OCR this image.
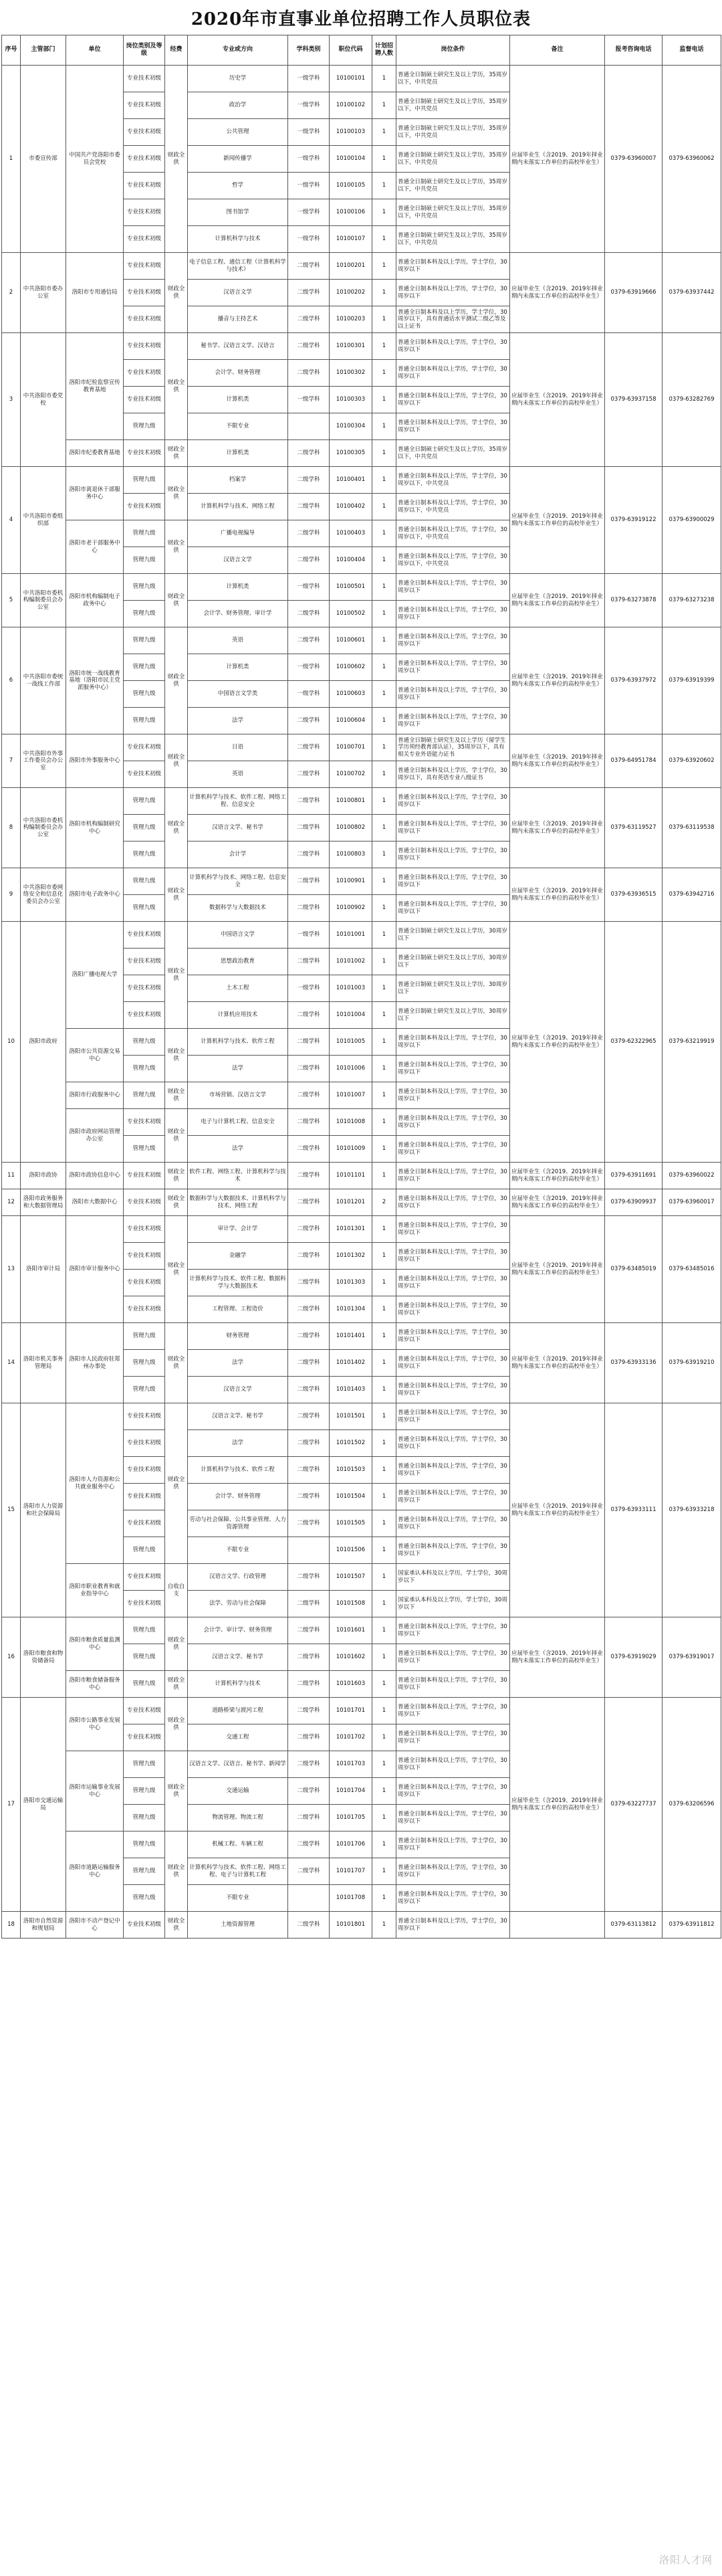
2020年市直事业单位招聘工作人员职位表
序号	主管部门	单位	岗位类别及等级	经费	专业或方向	学科类别	职位代码	计划招聘人数	岗位条件	备注	报考咨询电话	监督电话
1	市委宣传部	中国共产党洛阳市委员会党校	专业技术初级	财政全供	历史学	一级学科	10100101	1	普通全日制硕士研究生及以上学历，35周岁以下，中共党员	应届毕业生（含2019、2019年择业期内未落实工作单位的高校毕业生）	0379-63960007	0379-63960062
			专业技术初级		政治学	一级学科	10100102	1	普通全日制硕士研究生及以上学历，35周岁以下，中共党员			
			专业技术初级		公共管理	一级学科	10100103	1	普通全日制硕士研究生及以上学历，35周岁以下，中共党员			
			专业技术初级		新闻传播学	一级学科	10100104	1	普通全日制硕士研究生及以上学历，35周岁以下，中共党员			
			专业技术初级		哲学	一级学科	10100105	1	普通全日制硕士研究生及以上学历，35周岁以下，中共党员			
			专业技术初级		图书馆学	一级学科	10100106	1	普通全日制硕士研究生及以上学历，35周岁以下，中共党员			
			专业技术初级		计算机科学与技术	一级学科	10100107	1	普通全日制硕士研究生及以上学历，35周岁以下，中共党员			
2	中共洛阳市委办公室	洛阳市专用通信局	专业技术初级	财政全供	电子信息工程、通信工程（计算机科学与技术）	二级学科	10100201	1	普通全日制本科及以上学历，学士学位，30周岁以下	应届毕业生（含2019、2019年择业期内未落实工作单位的高校毕业生）	0379-63919666	0379-63937442
			专业技术初级		汉语言文学	二级学科	10100202	1	普通全日制本科及以上学历，学士学位，30周岁以下			
			专业技术初级		播音与主持艺术	二级学科	10100203	1	普通全日制本科及以上学历，学士学位，30周岁以下，具有普通话水平测试二级乙等及以上证书			
3	中共洛阳市委党校	洛阳市纪检监察宣传教育基地	专业技术初级	财政全供	秘书学、汉语言文学、汉语言	二级学科	10100301	1	普通全日制本科及以上学历，学士学位，30周岁以下	应届毕业生（含2019、2019年择业期内未落实工作单位的高校毕业生）	0379-63937158	0379-63282769
			专业技术初级		会计学、财务管理	二级学科	10100302	1	普通全日制本科及以上学历，学士学位，30周岁以下			
			专业技术初级		计算机类	一级学科	10100303	1	普通全日制本科及以上学历，学士学位，30周岁以下			
			管理九级		不限专业		10100304	1	普通全日制本科及以上学历，学士学位，30周岁以下			
		洛阳市纪委教育基地	专业技术初级	财政全供	计算机类	二级学科	10100305	1	普通全日制硕士研究生及以上学历，35周岁以下，中共党员			
4	中共洛阳市委组织部	洛阳市离退休干部服务中心	管理九级	财政全供	档案学	二级学科	10100401	1	普通全日制本科及以上学历，学士学位，30周岁以下，中共党员	应届毕业生（含2019、2019年择业期内未落实工作单位的高校毕业生）	0379-63919122	0379-63900029
			专业技术初级		计算机科学与技术、网络工程	二级学科	10100402	1	普通全日制本科及以上学历，学士学位，30周岁以下，中共党员			
		洛阳市老干部服务中心	管理九级	财政全供	广播电视编导	二级学科	10100403	1	普通全日制本科及以上学历，学士学位，30周岁以下，中共党员			
			管理九级		汉语言文学	二级学科	10100404	1	普通全日制本科及以上学历，学士学位，30周岁以下，中共党员			
5	中共洛阳市委机构编制委员会办公室	洛阳市机构编制电子政务中心	管理九级	财政全供	计算机类	一级学科	10100501	1	普通全日制本科及以上学历，学士学位，30周岁以下	应届毕业生（含2019、2019年择业期内未落实工作单位的高校毕业生）	0379-63273878	0379-63273238
			管理九级		会计学、财务管理、审计学	二级学科	10100502	1	普通全日制本科及以上学历，学士学位，30周岁以下			
6	中共洛阳市委统一战线工作部	洛阳市统一战线教育基地（洛阳市民主党派服务中心）	管理九级	财政全供	英语	二级学科	10100601	1	普通全日制本科及以上学历，学士学位，30周岁以下	应届毕业生（含2019、2019年择业期内未落实工作单位的高校毕业生）	0379-63937972	0379-63919399
			管理九级		计算机类	一级学科	10100602	1	普通全日制本科及以上学历，学士学位，30周岁以下			
			管理九级		中国语言文学类	一级学科	10100603	1	普通全日制本科及以上学历，学士学位，30周岁以下			
			管理九级		法学	二级学科	10100604	1	普通全日制本科及以上学历，学士学位，30周岁以下			
7	中共洛阳市外事工作委员会办公室	洛阳市外事服务中心	专业技术初级	财政全供	日语	二级学科	10100701	1	普通全日制硕士研究生及以上学历（留学生学历须经教育部认证），35周岁以下，具有相关专业外语能力证书	应届毕业生（含2019、2019年择业期内未落实工作单位的高校毕业生）	0379-64951784	0379-63920602
			专业技术初级		英语	二级学科	10100702	1	普通全日制本科及以上学历，学士学位，30周岁以下，具有英语专业八级证书			
8	中共洛阳市委机构编制委员会办公室	洛阳市机构编制研究中心	管理九级	财政全供	计算机科学与技术、软件工程、网络工程、信息安全	二级学科	10100801	1	普通全日制本科及以上学历，学士学位，30周岁以下	应届毕业生（含2019、2019年择业期内未落实工作单位的高校毕业生）	0379-63119527	0379-63119538
			管理九级		汉语言文学、秘书学	二级学科	10100802	1	普通全日制本科及以上学历，学士学位，30周岁以下			
			管理九级		会计学	二级学科	10100803	1	普通全日制本科及以上学历，学士学位，30周岁以下			
9	中共洛阳市委网络安全和信息化委员会办公室	洛阳市电子政务中心	管理九级	财政全供	计算机科学与技术、网络工程、信息安全	二级学科	10100901	1	普通全日制本科及以上学历，学士学位，30周岁以下	应届毕业生（含2019、2019年择业期内未落实工作单位的高校毕业生）	0379-63936515	0379-63942716
			管理九级		数据科学与大数据技术	二级学科	10100902	1	普通全日制本科及以上学历，学士学位，30周岁以下			
10	洛阳市政府	洛阳广播电视大学	专业技术初级	财政全供	中国语言文学	一级学科	10101001	1	普通全日制硕士研究生及以上学历，30周岁以下	应届毕业生（含2019、2019年择业期内未落实工作单位的高校毕业生）	0379-62322965	0379-63219919
			专业技术初级		思想政治教育	二级学科	10101002	1	普通全日制硕士研究生及以上学历，30周岁以下			
			专业技术初级		土木工程	一级学科	10101003	1	普通全日制硕士研究生及以上学历，30周岁以下			
			专业技术初级		计算机应用技术	二级学科	10101004	1	普通全日制硕士研究生及以上学历，30周岁以下			
		洛阳市公共资源交易中心	管理九级	财政全供	计算机科学与技术、软件工程	二级学科	10101005	1	普通全日制本科及以上学历，学士学位，30周岁以下			
			管理九级		法学	二级学科	10101006	1	普通全日制本科及以上学历，学士学位，30周岁以下			
		洛阳市行政服务中心	管理九级	财政全供	市场营销、汉语言文学	二级学科	10101007	1	普通全日制本科及以上学历，学士学位，30周岁以下			
		洛阳市政府网站管理办公室	专业技术初级	财政全供	电子与计算机工程、信息安全	二级学科	10101008	1	普通全日制本科及以上学历，学士学位，30周岁以下			
			管理九级		法学	二级学科	10101009	1	普通全日制本科及以上学历，学士学位，30周岁以下			
11	洛阳市政协	洛阳市政协信息中心	专业技术初级	财政全供	软件工程、网络工程、计算机科学与技术	二级学科	10101101	1	普通全日制本科及以上学历，学士学位，30周岁以下	应届毕业生（含2019、2019年择业期内未落实工作单位的高校毕业生）	0379-63911691	0379-63960022
12	洛阳市政务服务和大数据管理局	洛阳市大数据中心	专业技术初级	财政全供	数据科学与大数据技术、计算机科学与技术、网络工程	二级学科	10101201	2	普通全日制本科及以上学历，学士学位，30周岁以下	应届毕业生（含2019、2019年择业期内未落实工作单位的高校毕业生）	0379-63909937	0379-63960017
13	洛阳市审计局	洛阳市审计服务中心	专业技术初级	财政全供	审计学、会计学	二级学科	10101301	1	普通全日制本科及以上学历，学士学位，30周岁以下	应届毕业生（含2019、2019年择业期内未落实工作单位的高校毕业生）	0379-63485019	0379-63485016
			专业技术初级		金融学	二级学科	10101302	1	普通全日制本科及以上学历，学士学位，30周岁以下			
			专业技术初级		计算机科学与技术、软件工程、数据科学与大数据技术	二级学科	10101303	1	普通全日制本科及以上学历，学士学位，30周岁以下			
			专业技术初级		工程管理、工程造价	二级学科	10101304	1	普通全日制本科及以上学历，学士学位，30周岁以下			
14	洛阳市机关事务管理局	洛阳市人民政府驻郑州办事处	管理九级	财政全供	财务管理	二级学科	10101401	1	普通全日制本科及以上学历，学士学位，30周岁以下	应届毕业生（含2019、2019年择业期内未落实工作单位的高校毕业生）	0379-63933136	0379-63919210
			管理九级		法学	二级学科	10101402	1	普通全日制本科及以上学历，学士学位，30周岁以下			
			管理九级		汉语言文学	二级学科	10101403	1	普通全日制本科及以上学历，学士学位，30周岁以下			
15	洛阳市人力资源和社会保障局	洛阳市人力资源和公共就业服务中心	专业技术初级	财政全供	汉语言文学、秘书学	二级学科	10101501	1	普通全日制本科及以上学历，学士学位，30周岁以下	应届毕业生（含2019、2019年择业期内未落实工作单位的高校毕业生）	0379-63933111	0379-63933218
			专业技术初级		法学	二级学科	10101502	1	普通全日制本科及以上学历，学士学位，30周岁以下			
			专业技术初级		计算机科学与技术、软件工程	二级学科	10101503	1	普通全日制本科及以上学历，学士学位，30周岁以下			
			专业技术初级		会计学、财务管理	二级学科	10101504	1	普通全日制本科及以上学历，学士学位，30周岁以下			
			专业技术初级		劳动与社会保障、公共事业管理、人力资源管理	二级学科	10101505	1	普通全日制本科及以上学历，学士学位，30周岁以下			
			管理九级		不限专业		10101506	1	普通全日制本科及以上学历，学士学位，30周岁以下			
		洛阳市职业教育和就业指导中心	专业技术初级	自收自支	汉语言文学、行政管理	二级学科	10101507	1	国家承认本科及以上学历，学士学位，30周岁以下			
			专业技术初级		法学、劳动与社会保障	二级学科	10101508	1	国家承认本科及以上学历，学士学位，30周岁以下			
16	洛阳市粮食和物资储备局	洛阳市粮食质量监测中心	管理九级	财政全供	会计学、审计学、财务管理	二级学科	10101601	1	普通全日制本科及以上学历，学士学位，30周岁以下	应届毕业生（含2019、2019年择业期内未落实工作单位的高校毕业生）	0379-63919029	0379-63919017
			管理九级		汉语言文学、秘书学	二级学科	10101602	1	普通全日制本科及以上学历，学士学位，30周岁以下			
		洛阳市粮食储备服务中心	管理九级	财政全供	计算机科学与技术	二级学科	10101603	1	普通全日制本科及以上学历，学士学位，30周岁以下			
17	洛阳市交通运输局	洛阳市公路事业发展中心	专业技术初级	财政全供	道路桥梁与渡河工程	二级学科	10101701	1	普通全日制本科及以上学历，学士学位，30周岁以下	应届毕业生（含2019、2019年择业期内未落实工作单位的高校毕业生）	0379-63227737	0379-63206596
			专业技术初级		交通工程	二级学科	10101702	1	普通全日制本科及以上学历，学士学位，30周岁以下			
		洛阳市运输事业发展中心	管理九级	财政全供	汉语言文学、汉语言、秘书学、新闻学	二级学科	10101703	1	普通全日制本科及以上学历，学士学位，30周岁以下			
			管理九级		交通运输	二级学科	10101704	1	普通全日制本科及以上学历，学士学位，30周岁以下			
			管理九级		物流管理、物流工程	二级学科	10101705	1	普通全日制本科及以上学历，学士学位，30周岁以下			
		洛阳市道路运输服务中心	管理九级	财政全供	机械工程、车辆工程	二级学科	10101706	1	普通全日制本科及以上学历，学士学位，30周岁以下			
			管理九级		计算机科学与技术、软件工程、网络工程、电子与计算机工程	二级学科	10101707	1	普通全日制本科及以上学历，学士学位，30周岁以下			
			管理九级		不限专业		10101708	1	普通全日制本科及以上学历，学士学位，30周岁以下			
18	洛阳市自然资源和规划局	洛阳市不动产登记中心	专业技术初级	财政全供	土地资源管理	二级学科	10101801	1	普通全日制本科及以上学历，学士学位，30周岁以下		0379-63113812	0379-63911812
洛阳人才网
